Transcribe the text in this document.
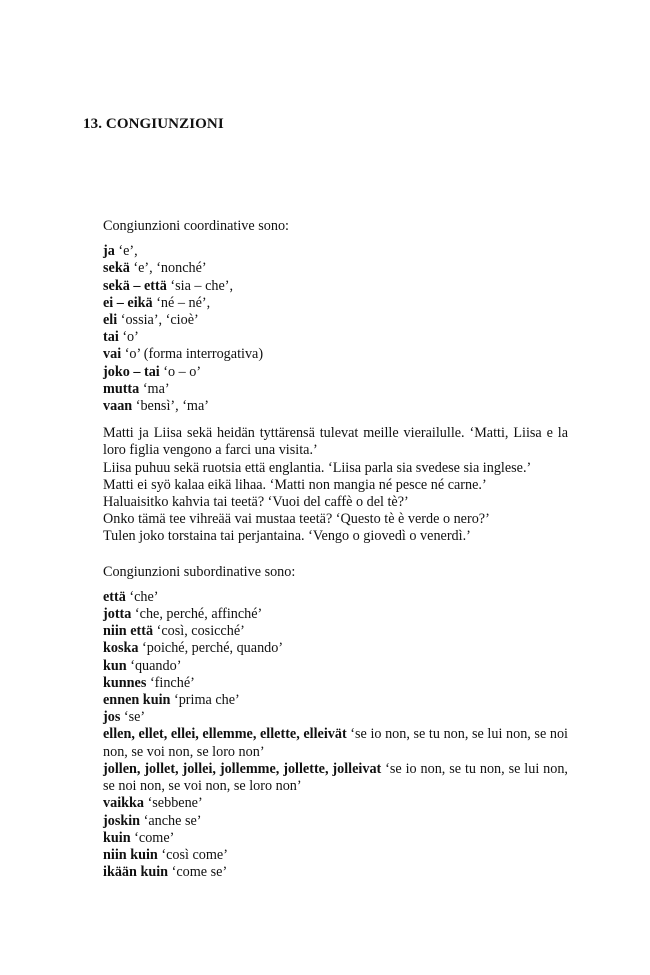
13. CONGIUNZIONI

Congiunzioni coordinative sono:

ja ‘e’,
sekä ‘e’, ‘nonché’
sekä – että ‘sia – che’,
ei – eikä ‘né – né’,
eli ‘ossia’, ‘cioè’
tai ‘o’
vai ‘o’ (forma interrogativa)
joko – tai ‘o – o’
mutta ‘ma’
vaan ‘bensì’, ‘ma’
Matti ja Liisa sekä heidän tyttärensä tulevat meille vierailulle. ‘Matti, Liisa e la loro figlia vengono a farci una visita.’
Liisa puhuu sekä ruotsia että englantia. ‘Liisa parla sia svedese sia inglese.’
Matti ei syö kalaa eikä lihaa. ‘Matti non mangia né pesce né carne.’
Haluaisitko kahvia tai teetä? ‘Vuoi del caffè o del tè?’
Onko tämä tee vihreää vai mustaa teetä? ‘Questo tè è verde o nero?’
Tulen joko torstaina tai perjantaina. ‘Vengo o giovedì o venerdì.’

Congiunzioni subordinative sono:

että ‘che’
jotta ‘che, perché, affinché’
niin että ‘così, cosicché’
koska ‘poiché, perché, quando’
kun ‘quando’
kunnes ‘finché’
ennen kuin ‘prima che’
jos ‘se’
ellen, ellet, ellei, ellemme, ellette, elleivät ‘se io non, se tu non, se lui non, se noi non, se voi non, se loro non’
jollen, jollet, jollei, jollemme, jollette, jolleivat ‘se io non, se tu non, se lui non, se noi non, se voi non, se loro non’
vaikka ‘sebbene’
joskin ‘anche se’
kuin ‘come’
niin kuin ‘così come’
ikään kuin ‘come se’
